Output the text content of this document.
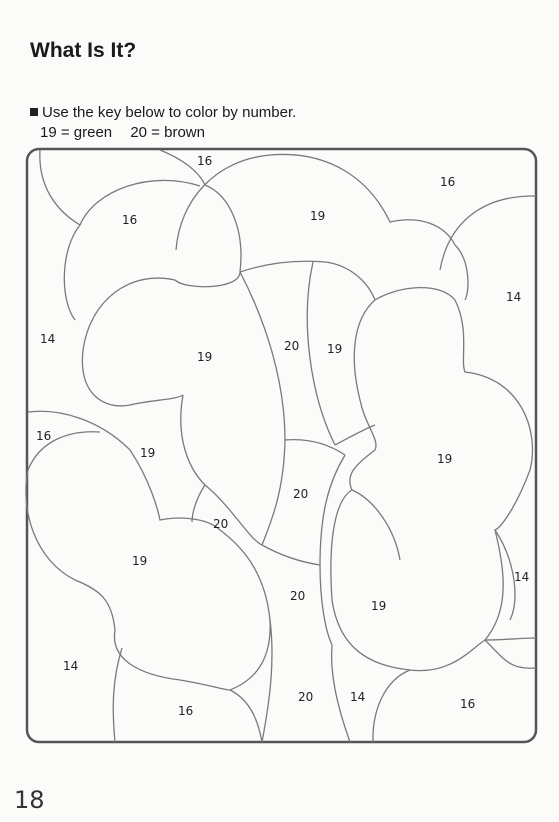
What Is It?
Use the key below to color by number.
19 = green 20 = brown
16
16
16	19
14
20 19
19
14
16
19	19
20
20
19
14
20
19
14
16
20	14	16
18
